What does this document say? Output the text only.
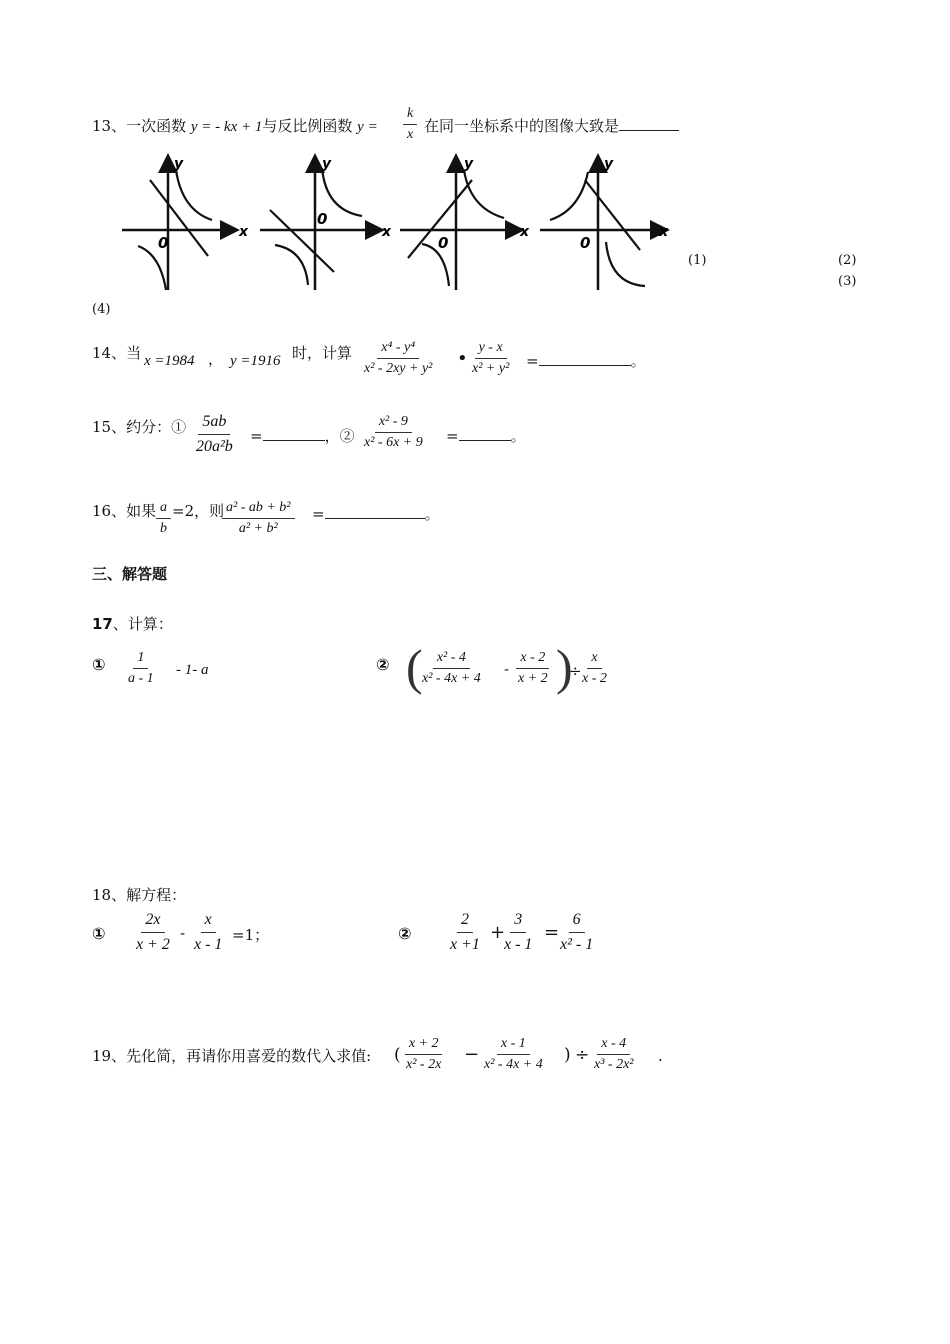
13、一次函数 y = - kx + 1与反比例函数 $y = \frac{k}{x}$ 在同一坐标系中的图像大致是
0
x
y
0
x
y
0
x
y
0
x
y
(1)	(2)
(3)
(4)
14、当 x =1984 ， y =1916 时，计算 $\frac{\text{x⁴ - y⁴}}{\text{x² - 2xy + y²}}$ • $\frac{y - x}{\text{x² + y²}}$ =	。
15、约分：① $\frac{5ab}{\text{20a²b}}$ =	，② $\frac{\text{x² - 9}}{\text{x² - 6x + 9}}$ =	。
16、如果 $\frac{a}{b} =2$，则
$\frac{\text{a² - ab + b²}}{\text{a² + b²}}$ =	。
三、解答题
17、计算：
① $\frac{1}{a - 1} - 1-$ a	② (
$\frac{\text{x² - 4}}{\text{x² - 4x + 4}} - \frac{x - 2}{x + 2}$ )
÷
$\frac{x}{x - 2}$
18、解方程：
① $\frac{2x}{x + 2} - \frac{x}{x - 1} =1$；	② $\frac{2}{x +1}$ +
$\frac{3}{x - 1}$ =
$\frac{6}{\text{x² - 1}}$
19、先化简，再请你用喜爱的数代入求值: ( $\frac{x + 2}{\text{x² - 2x}} - \frac{x - 1}{\text{x² - 4x + 4}}$ ) ÷ $\frac{x - 4}{\text{x³ - 2x²}}$ .
